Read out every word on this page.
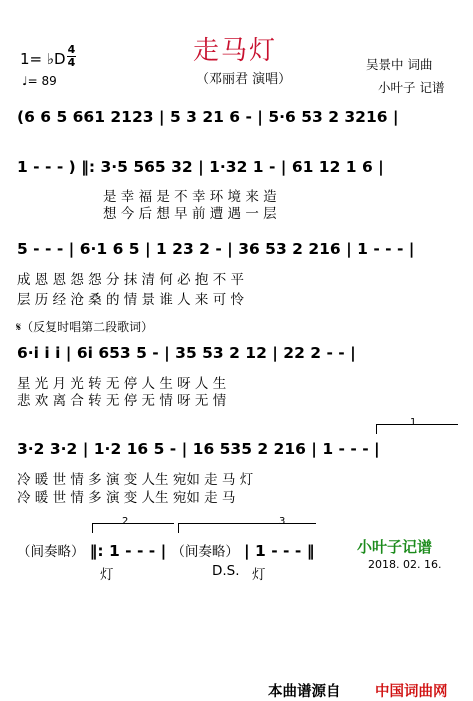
走马灯
（邓丽君 演唱）
1= ♭D
4
4
♩= 89
吴景中 词曲
小叶子 记谱
(6 6 5 661 2123 | 5 3 21 6 - | 5·6 53 2 3216 |
1 - - - ) ‖: 3·5 565 32 | 1·32 1 - | 61 12 1 6 |
是 幸 福 是 不 幸 环 境 来 造
想 今 后 想 早 前 遭 遇 一 层
5 - - - | 6·1 6 5 | 1 23 2 - | 36 53 2 216 | 1 - - - |
成 恩 恩 怨 怨 分 抹 清 何 必 抱 不 平
层 历 经 沧 桑 的 情 景 谁 人 来 可 怜
𝄋（反复时唱第二段歌词）
6·i i i | 6i 653 5 - | 35 53 2 12 | 22 2 - - |
星 光 月 光 转 无 停 人 生 呀 人 生
悲 欢 离 合 转 无 停 无 情 呀 无 情
1
3·2 3·2 | 1·2 16 5 - | 16 535 2 216 | 1 - - - |
冷 暖 世 情 多 演 变 人生 宛如 走 马 灯
冷 暖 世 情 多 演 变 人生 宛如 走 马
2	3
（间奏略） ‖: 1 - - - | （间奏略） | 1 - - - ‖
灯	D.S. 灯
小叶子记谱
2018. 02. 16.
本曲谱源自 中国词曲网
